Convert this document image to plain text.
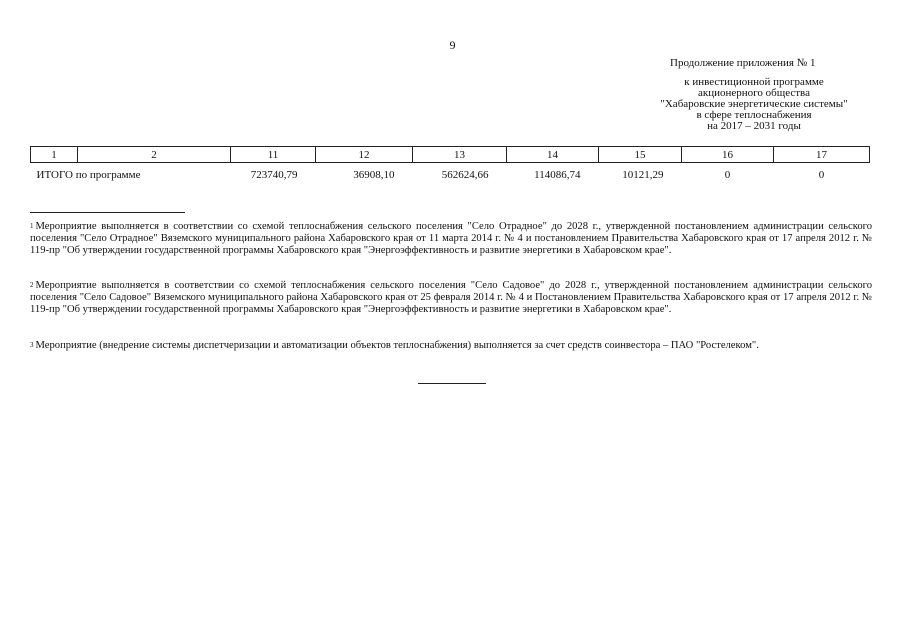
9
Продолжение приложения № 1
к инвестиционной программе
акционерного общества
"Хабаровские энергетические системы"
в сфере теплоснабжения
на 2017 – 2031 годы
1	2	11	12	13	14	15	16	17
ИТОГО по программе		723740,79	36908,10	562624,66	114086,74	10121,29	0	0
$^1$ Мероприятие выполняется в соответствии со схемой теплоснабжения сельского поселения "Село Отрадное" до 2028 г., утвержденной постановлением администрации сельского поселения "Село Отрадное" Вяземского муниципального района Хабаровского края от 11 марта 2014 г. № 4 и постановлением Правительства Хабаровского края от 17 апреля 2012 г. № 119-пр "Об утверждении государственной программы Хабаровского края "Энергоэффективность и развитие энергетики в Хабаровском крае".
$^2$ Мероприятие выполняется в соответствии со схемой теплоснабжения сельского поселения "Село Садовое" до 2028 г., утвержденной постановлением администрации сельского поселения "Село Садовое" Вяземского муниципального района Хабаровского края от 25 февраля 2014 г. № 4 и Постановлением Правительства Хабаровского края от 17 апреля 2012 г. № 119-пр "Об утверждении государственной программы Хабаровского края "Энергоэффективность и развитие энергетики в Хабаровском крае".
$^3$ Мероприятие (внедрение системы диспетчеризации и автоматизации объектов теплоснабжения) выполняется за счет средств соинвестора – ПАО "Ростелеком".
